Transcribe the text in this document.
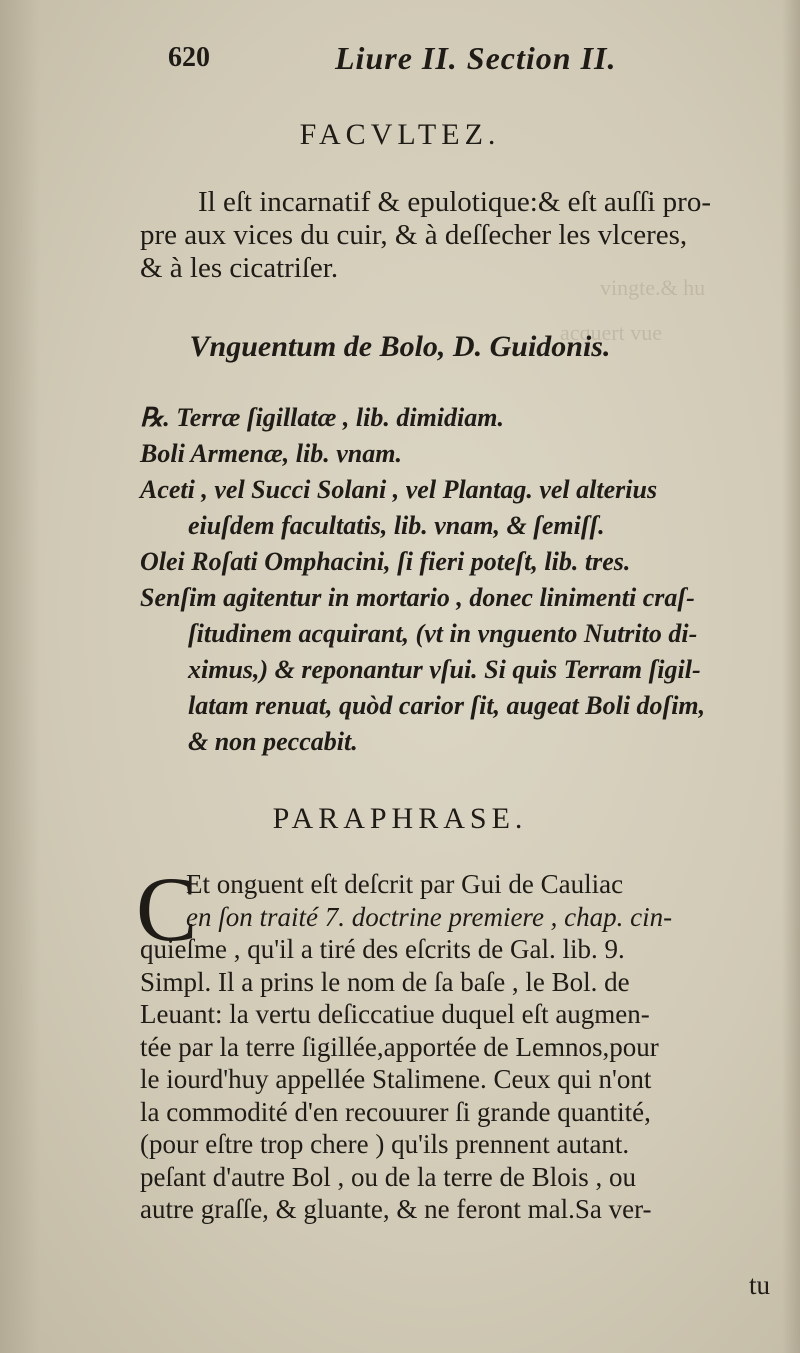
vingte.& hu
acquert vue
620	Liure II. Section II.
FACVLTEZ.
Il eſt incarnatif & epulotique:& eſt auſſi pro-
pre aux vices du cuir, & à deſſecher les vlceres,
& à les cicatriſer.
Vnguentum de Bolo, D. Guidonis.
℞. Terræ ſigillatæ , lib. dimidiam.
Boli Armenæ, lib. vnam.
Aceti , vel Succi Solani , vel Plantag. vel alterius
eiuſdem facultatis, lib. vnam, & ſemiſſ.
Olei Roſati Omphacini, ſi fieri poteſt, lib. tres.
Senſim agitentur in mortario , donec linimenti craſ-
ſitudinem acquirant, (vt in vnguento Nutrito di-
ximus,) & reponantur vſui. Si quis Terram ſigil-
latam renuat, quòd carior ſit, augeat Boli doſim,
& non peccabit.
PARAPHRASE.
C
Et onguent eſt deſcrit par Gui de Cauliac
en ſon traité 7. doctrine premiere , chap. cin-
quieſme , qu'il a tiré des eſcrits de Gal. lib. 9.
Simpl. Il a prins le nom de ſa baſe , le Bol. de
Leuant: la vertu deſiccatiue duquel eſt augmen-
tée par la terre ſigillée,apportée de Lemnos,pour
le iourd'huy appellée Stalimene. Ceux qui n'ont
la commodité d'en recouurer ſi grande quantité,
(pour eſtre trop chere ) qu'ils prennent autant.
peſant d'autre Bol , ou de la terre de Blois , ou
autre graſſe, & gluante, & ne feront mal.Sa ver-
tu
